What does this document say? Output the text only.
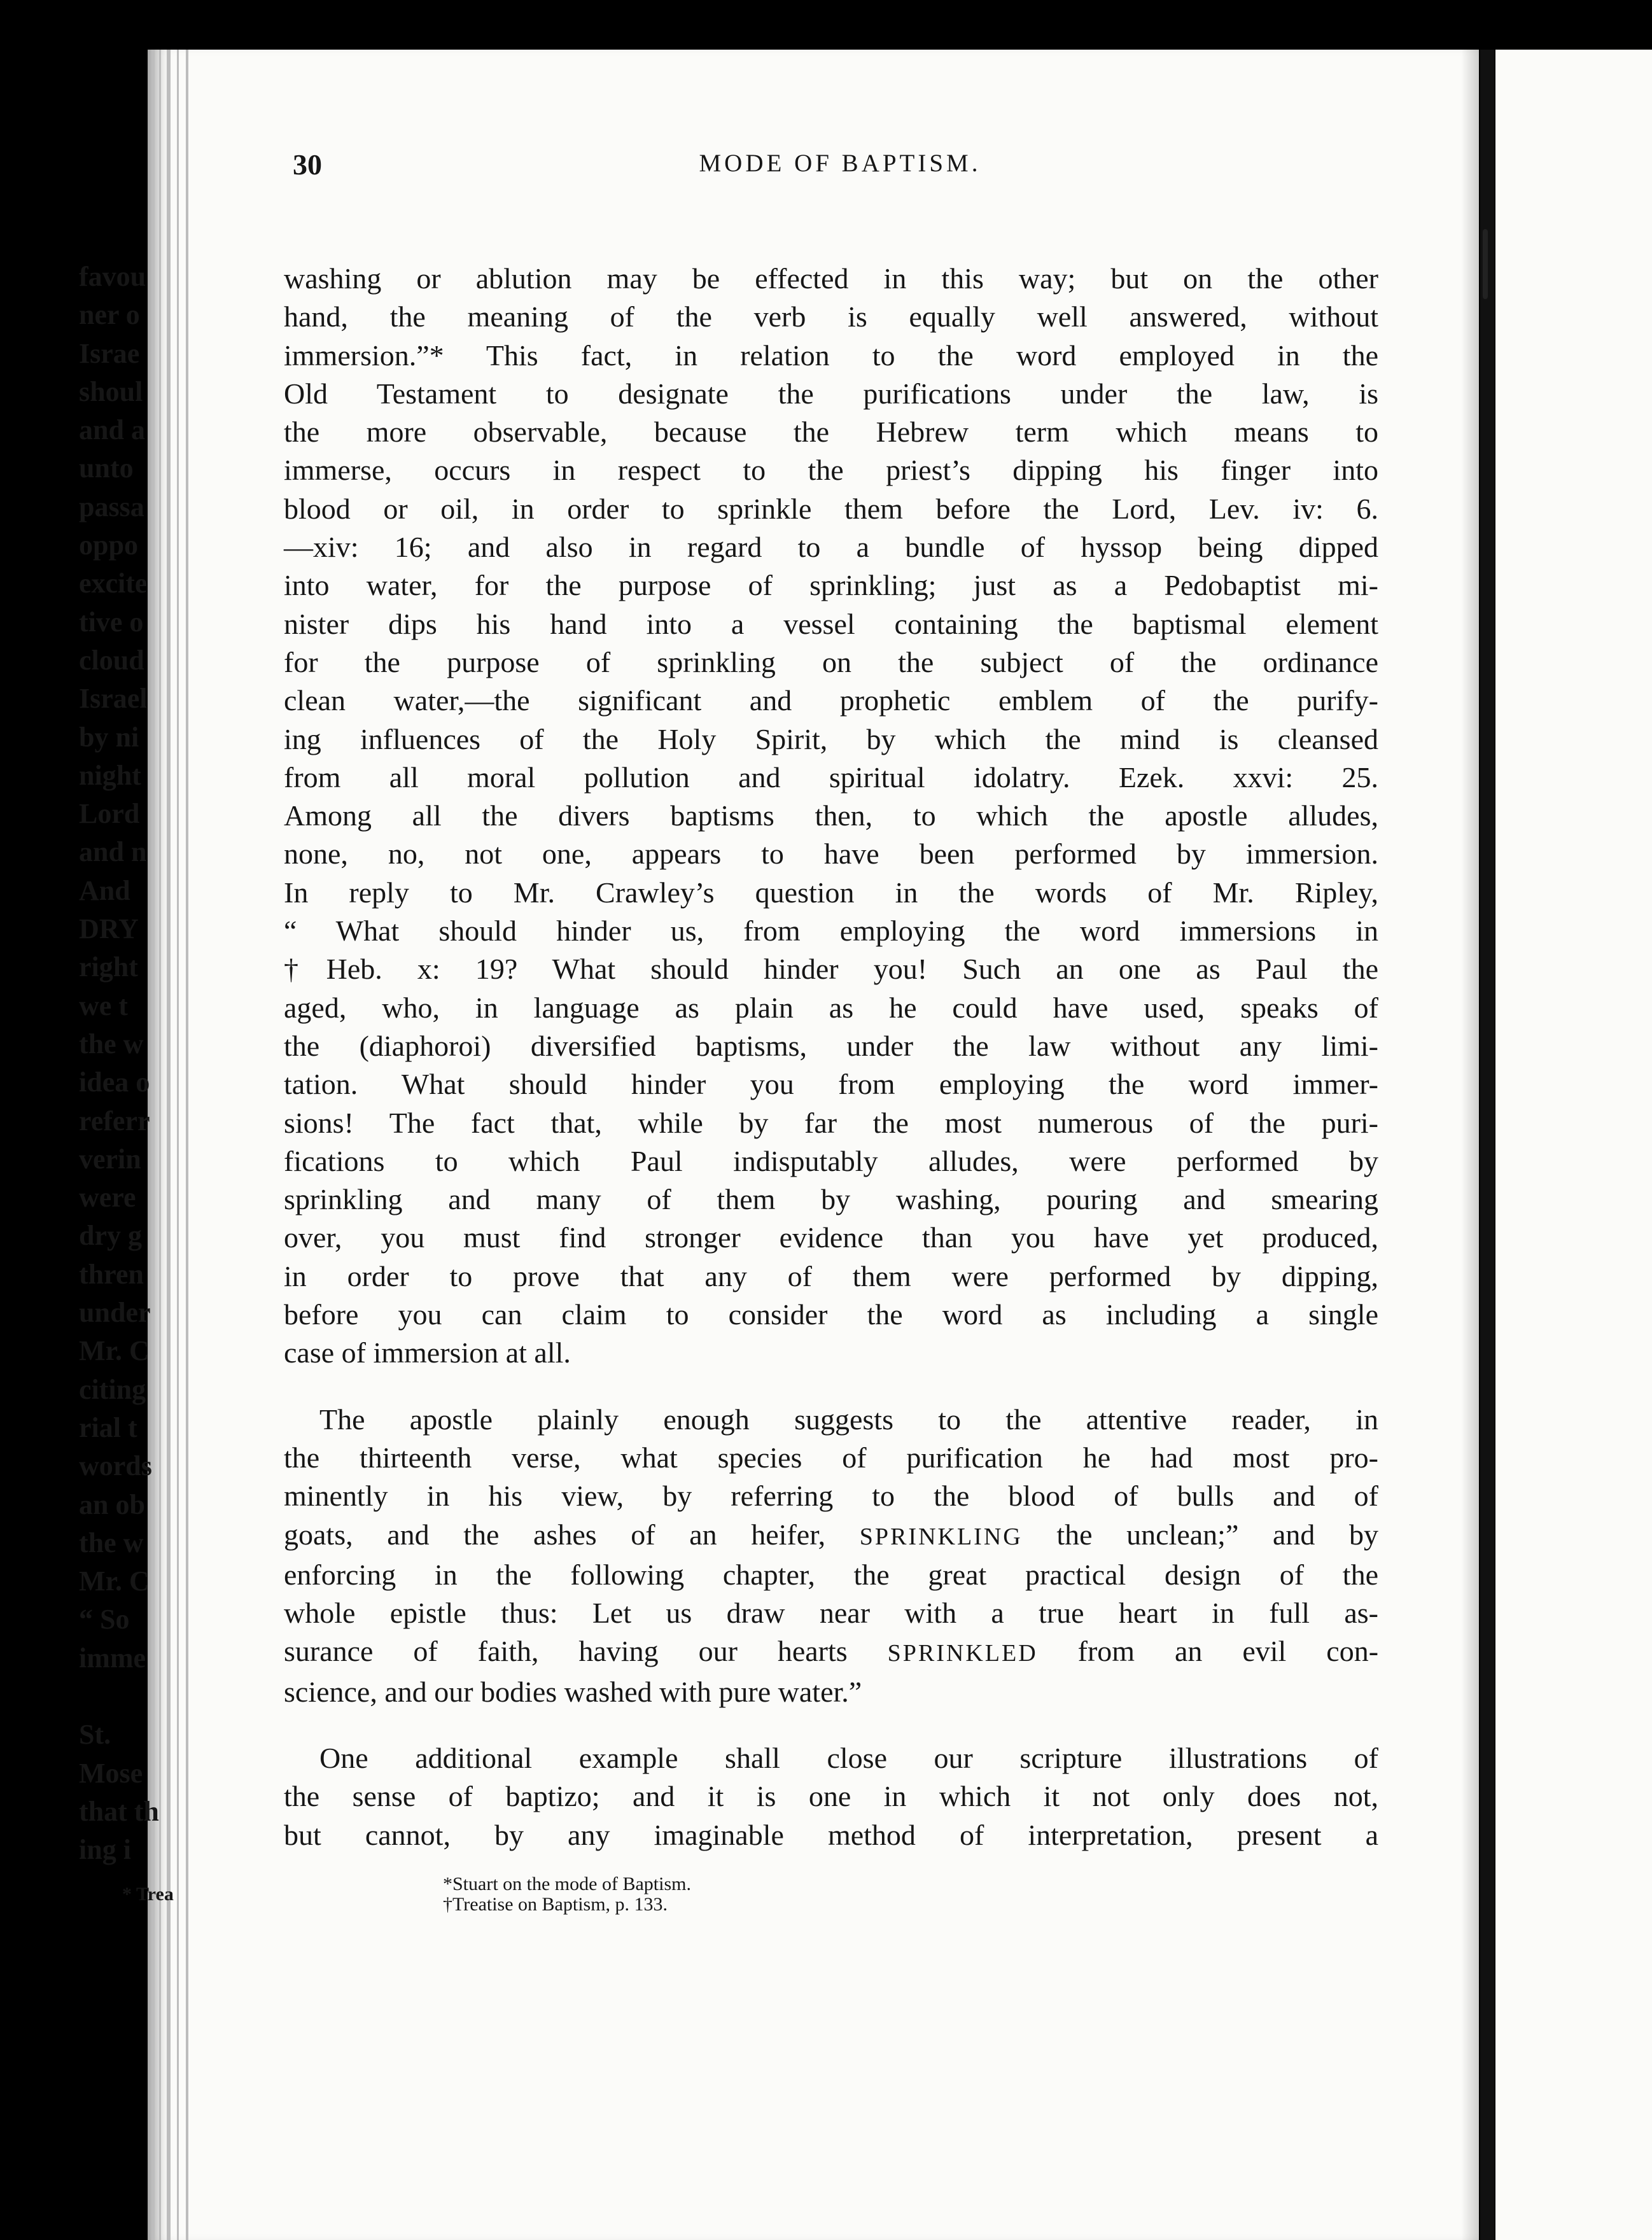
30	MODE OF BAPTISM.
washing or ablution may be effected in this way; but on the other
hand, the meaning of the verb is equally well answered, without
immersion.”* This fact, in relation to the word employed in the
Old Testament to designate the purifications under the law, is
the more observable, because the Hebrew term which means to
immerse, occurs in respect to the priest’s dipping his finger into
blood or oil, in order to sprinkle them before the Lord, Lev. iv: 6.
—xiv: 16; and also in regard to a bundle of hyssop being dipped
into water, for the purpose of sprinkling; just as a Pedobaptist mi-
nister dips his hand into a vessel containing the baptismal element
for the purpose of sprinkling on the subject of the ordinance
clean water,—the significant and prophetic emblem of the purify-
ing influences of the Holy Spirit, by which the mind is cleansed
from all moral pollution and spiritual idolatry. Ezek. xxvi: 25.
Among all the divers baptisms then, to which the apostle alludes,
none, no, not one, appears to have been performed by immersion.
In reply to Mr. Crawley’s question in the words of Mr. Ripley,
“ What should hinder us, from employing the word immersions in
†Heb. x: 19? What should hinder you! Such an one as Paul the
aged, who, in language as plain as he could have used, speaks of
the (diaphoroi) diversified baptisms, under the law without any limi-
tation. What should hinder you from employing the word immer-
sions! The fact that, while by far the most numerous of the puri-
fications to which Paul indisputably alludes, were performed by
sprinkling and many of them by washing, pouring and smearing
over, you must find stronger evidence than you have yet produced,
in order to prove that any of them were performed by dipping,
before you can claim to consider the word as including a single
case of immersion at all.
The apostle plainly enough suggests to the attentive reader, in
the thirteenth verse, what species of purification he had most pro-
minently in his view, by referring to the blood of bulls and of
goats, and the ashes of an heifer, SPRINKLING the unclean;” and by
enforcing in the following chapter, the great practical design of the
whole epistle thus: Let us draw near with a true heart in full as-
surance of faith, having our hearts SPRINKLED from an evil con-
science, and our bodies washed with pure water.”
One additional example shall close our scripture illustrations of
the sense of baptizo; and it is one in which it not only does not,
but cannot, by any imaginable method of interpretation, present a
*Stuart on the mode of Baptism.
†Treatise on Baptism, p. 133.
favou
ner o
Israe
shoul
and a
unto
passa
oppo
excite
tive o
cloud
Israel
by ni
night
Lord
and n
And
DRY
right
we t
the w
idea o
referr
verin
were
dry g
thren
under
Mr. C
citing
rial t
words
an ob
the w
Mr. C
“ So
imme
St.
Mose
that th
ing i
* Trea
